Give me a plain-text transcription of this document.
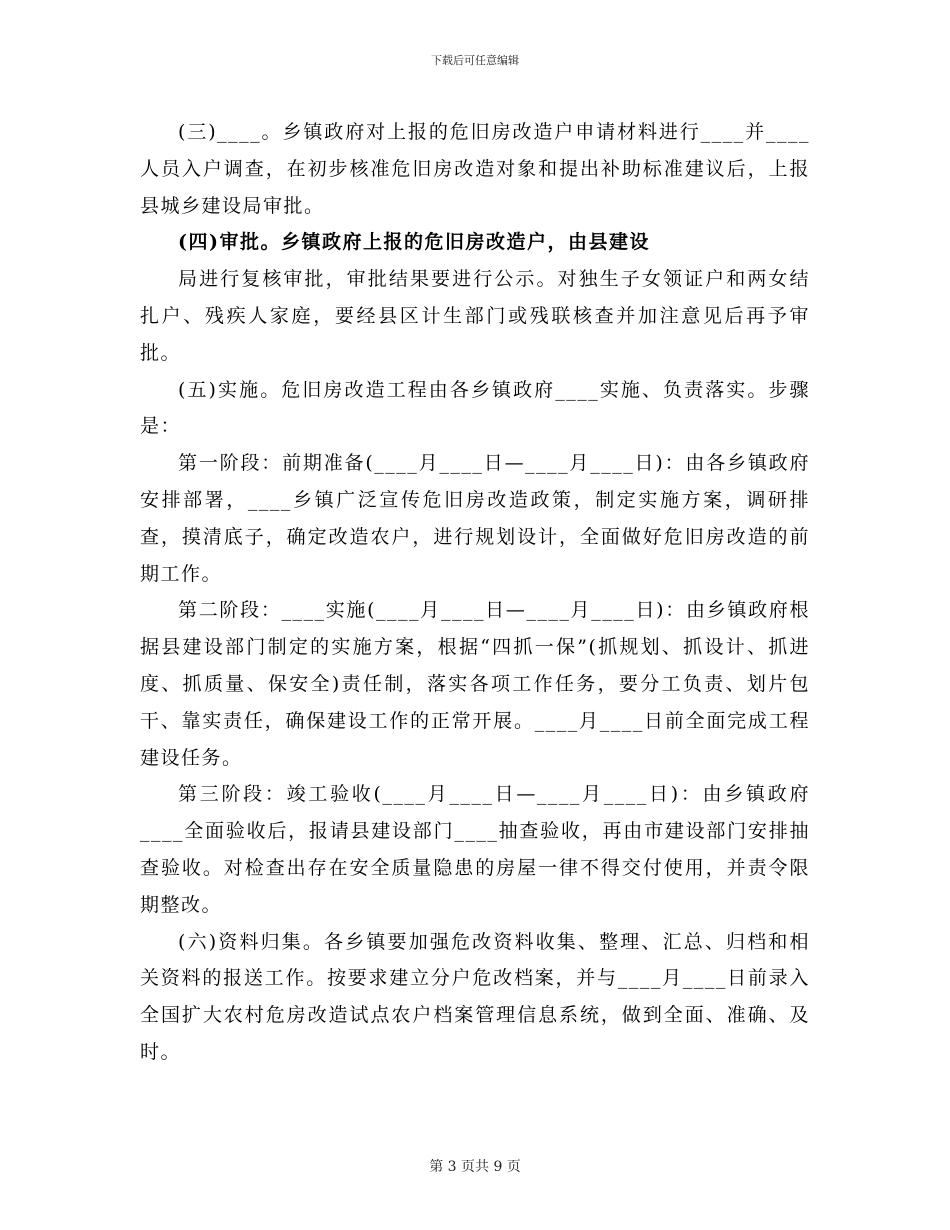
下载后可任意编辑

(三)____。乡镇政府对上报的危旧房改造户申请材料进行____并____人员入户调查，在初步核准危旧房改造对象和提出补助标准建议后，上报县城乡建设局审批。

(四)审批。乡镇政府上报的危旧房改造户，由县建设

局进行复核审批，审批结果要进行公示。对独生子女领证户和两女结扎户、残疾人家庭，要经县区计生部门或残联核查并加注意见后再予审批。

(五)实施。危旧房改造工程由各乡镇政府____实施、负责落实。步骤是：

第一阶段：前期准备(____月____日—____月____日)：由各乡镇政府安排部署，____乡镇广泛宣传危旧房改造政策，制定实施方案，调研排查，摸清底子，确定改造农户，进行规划设计，全面做好危旧房改造的前期工作。

第二阶段：____实施(____月____日—____月____日)：由乡镇政府根据县建设部门制定的实施方案，根据“四抓一保”(抓规划、抓设计、抓进度、抓质量、保安全)责任制，落实各项工作任务，要分工负责、划片包干、靠实责任，确保建设工作的正常开展。____月____日前全面完成工程建设任务。

第三阶段：竣工验收(____月____日—____月____日)：由乡镇政府____全面验收后，报请县建设部门____抽查验收，再由市建设部门安排抽查验收。对检查出存在安全质量隐患的房屋一律不得交付使用，并责令限期整改。

(六)资料归集。各乡镇要加强危改资料收集、整理、汇总、归档和相关资料的报送工作。按要求建立分户危改档案，并与____月____日前录入全国扩大农村危房改造试点农户档案管理信息系统，做到全面、准确、及时。

第 3 页共 9 页
